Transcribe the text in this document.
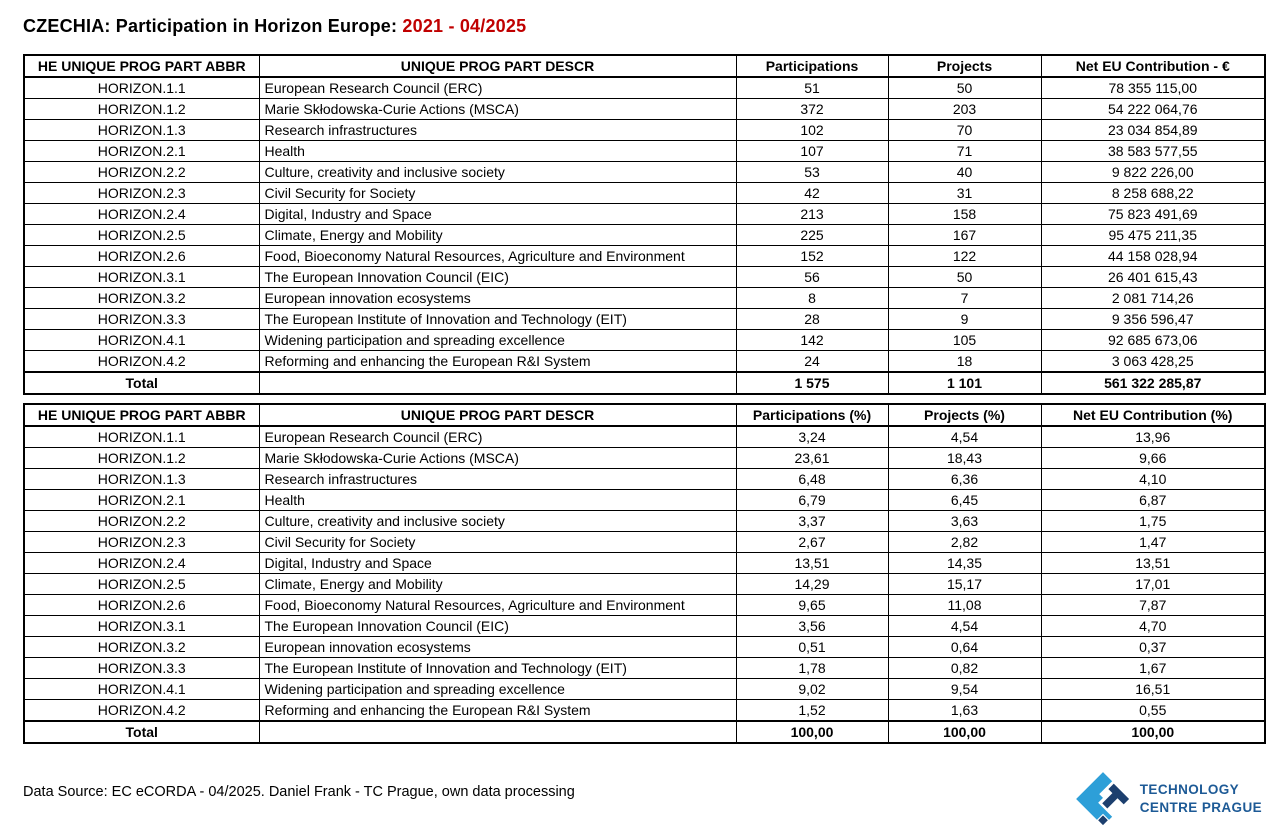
CZECHIA: Participation in Horizon Europe: 2021 - 04/2025
HE UNIQUE PROG PART ABBR	UNIQUE PROG PART DESCR	Participations	Projects	Net EU Contribution - €
HORIZON.1.1	European Research Council (ERC)	51	50	78 355 115,00
HORIZON.1.2	Marie Skłodowska-Curie Actions (MSCA)	372	203	54 222 064,76
HORIZON.1.3	Research infrastructures	102	70	23 034 854,89
HORIZON.2.1	Health	107	71	38 583 577,55
HORIZON.2.2	Culture, creativity and inclusive society	53	40	9 822 226,00
HORIZON.2.3	Civil Security for Society	42	31	8 258 688,22
HORIZON.2.4	Digital, Industry and Space	213	158	75 823 491,69
HORIZON.2.5	Climate, Energy and Mobility	225	167	95 475 211,35
HORIZON.2.6	Food, Bioeconomy Natural Resources, Agriculture and Environment	152	122	44 158 028,94
HORIZON.3.1	The European Innovation Council (EIC)	56	50	26 401 615,43
HORIZON.3.2	European innovation ecosystems	8	7	2 081 714,26
HORIZON.3.3	The European Institute of Innovation and Technology (EIT)	28	9	9 356 596,47
HORIZON.4.1	Widening participation and spreading excellence	142	105	92 685 673,06
HORIZON.4.2	Reforming and enhancing the European R&I System	24	18	3 063 428,25
Total		1 575	1 101	561 322 285,87
HE UNIQUE PROG PART ABBR	UNIQUE PROG PART DESCR	Participations (%)	Projects (%)	Net EU Contribution (%)
HORIZON.1.1	European Research Council (ERC)	3,24	4,54	13,96
HORIZON.1.2	Marie Skłodowska-Curie Actions (MSCA)	23,61	18,43	9,66
HORIZON.1.3	Research infrastructures	6,48	6,36	4,10
HORIZON.2.1	Health	6,79	6,45	6,87
HORIZON.2.2	Culture, creativity and inclusive society	3,37	3,63	1,75
HORIZON.2.3	Civil Security for Society	2,67	2,82	1,47
HORIZON.2.4	Digital, Industry and Space	13,51	14,35	13,51
HORIZON.2.5	Climate, Energy and Mobility	14,29	15,17	17,01
HORIZON.2.6	Food, Bioeconomy Natural Resources, Agriculture and Environment	9,65	11,08	7,87
HORIZON.3.1	The European Innovation Council (EIC)	3,56	4,54	4,70
HORIZON.3.2	European innovation ecosystems	0,51	0,64	0,37
HORIZON.3.3	The European Institute of Innovation and Technology (EIT)	1,78	0,82	1,67
HORIZON.4.1	Widening participation and spreading excellence	9,02	9,54	16,51
HORIZON.4.2	Reforming and enhancing the European R&I System	1,52	1,63	0,55
Total		100,00	100,00	100,00
Data Source: EC eCORDA - 04/2025. Daniel Frank - TC Prague, own data processing	TECHNOLOGY
CENTRE PRAGUE
